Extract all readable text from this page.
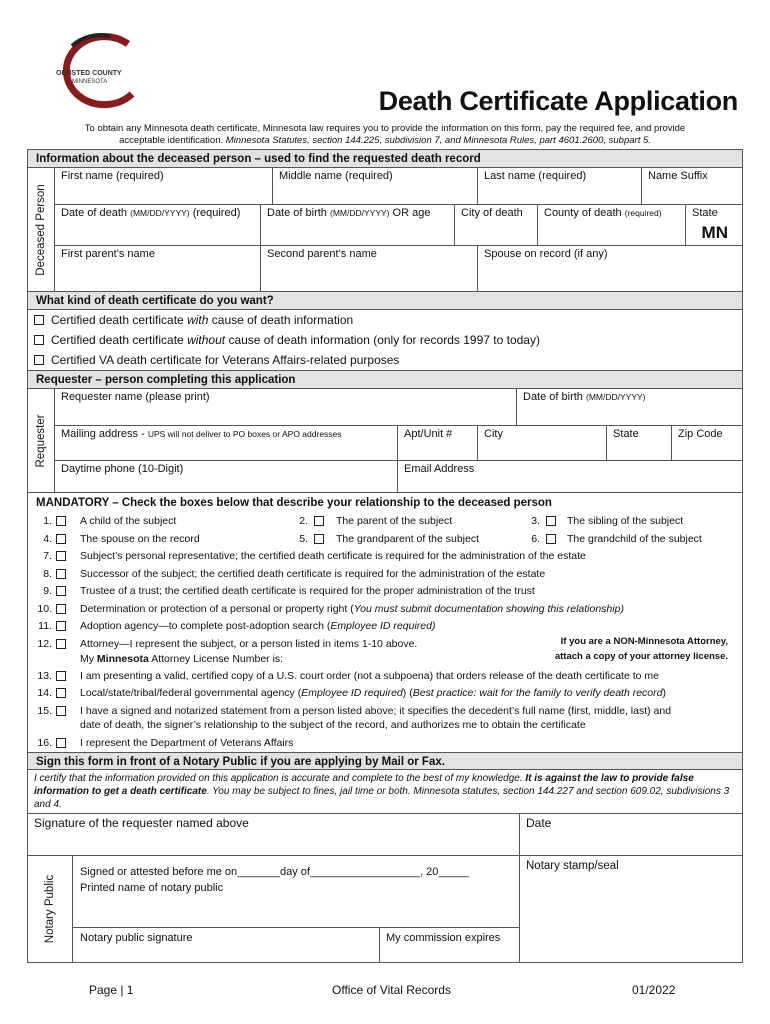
OLMSTED COUNTY
MINNESOTA
Death Certificate Application
To obtain any Minnesota death certificate, Minnesota law requires you to provide the information on this form, pay the required fee, and provide
acceptable identification. Minnesota Statutes, section 144.225, subdivision 7, and Minnesota Rules, part 4601.2600, subpart 5.
Information about the deceased person – used to find the requested death record
Deceased Person
First name (required)	Middle name (required)	Last name (required)	Name Suffix
Date of death (MM/DD/YYYY) (required)	Date of birth (MM/DD/YYYY) OR age	City of death	County of death (required)	State
MN
First parent’s name	Second parent’s name	Spouse on record (if any)
What kind of death certificate do you want?
Certified death certificate with cause of death information
Certified death certificate without cause of death information (only for records 1997 to today)
Certified VA death certificate for Veterans Affairs-related purposes
Requester – person completing this application
Requester
Requester name (please print)	Date of birth (MM/DD/YYYY)
Mailing address - UPS will not deliver to PO boxes or APO addresses	Apt/Unit #	City	State	Zip Code
Daytime phone (10-Digit)	Email Address
MANDATORY – Check the boxes below that describe your relationship to the deceased person
1.	A child of the subject	2.	The parent of the subject	3.	The sibling of the subject
4.	The spouse on the record	5.	The grandparent of the subject	6.	The grandchild of the subject
7.	Subject’s personal representative; the certified death certificate is required for the administration of the estate
8.	Successor of the subject; the certified death certificate is required for the administration of the estate
9.	Trustee of a trust; the certified death certificate is required for the proper administration of the trust
10.	Determination or protection of a personal or property right (You must submit documentation showing this relationship)
11.	Adoption agency—to complete post-adoption search (Employee ID required)
12.	Attorney—I represent the subject, or a person listed in items 1-10 above.
My Minnesota Attorney License Number is:
If you are a NON-Minnesota Attorney,
attach a copy of your attorney license.
13.	I am presenting a valid, certified copy of a U.S. court order (not a subpoena) that orders release of the death certificate to me
14.	Local/state/tribal/federal governmental agency (Employee ID required) (Best practice: wait for the family to verify death record)
15.	I have a signed and notarized statement from a person listed above; it specifies the decedent’s full name (first, middle, last) and
date of death, the signer’s relationship to the subject of the record, and authorizes me to obtain the certificate
16.	I represent the Department of Veterans Affairs
Sign this form in front of a Notary Public if you are applying by Mail or Fax.
I certify that the information provided on this application is accurate and complete to the best of my knowledge. It is against the law to provide false information to get a death certificate. You may be subject to fines, jail time or both. Minnesota statutes, section 144.227 and section 609.02, subdivisions 3 and 4.
Signature of the requester named above	Date
Notary Public
Signed or attested before me on_______day of__________________, 20_____
Printed name of notary public
Notary public signature	My commission expires
Notary stamp/seal
Page | 1	Office of Vital Records	01/2022
